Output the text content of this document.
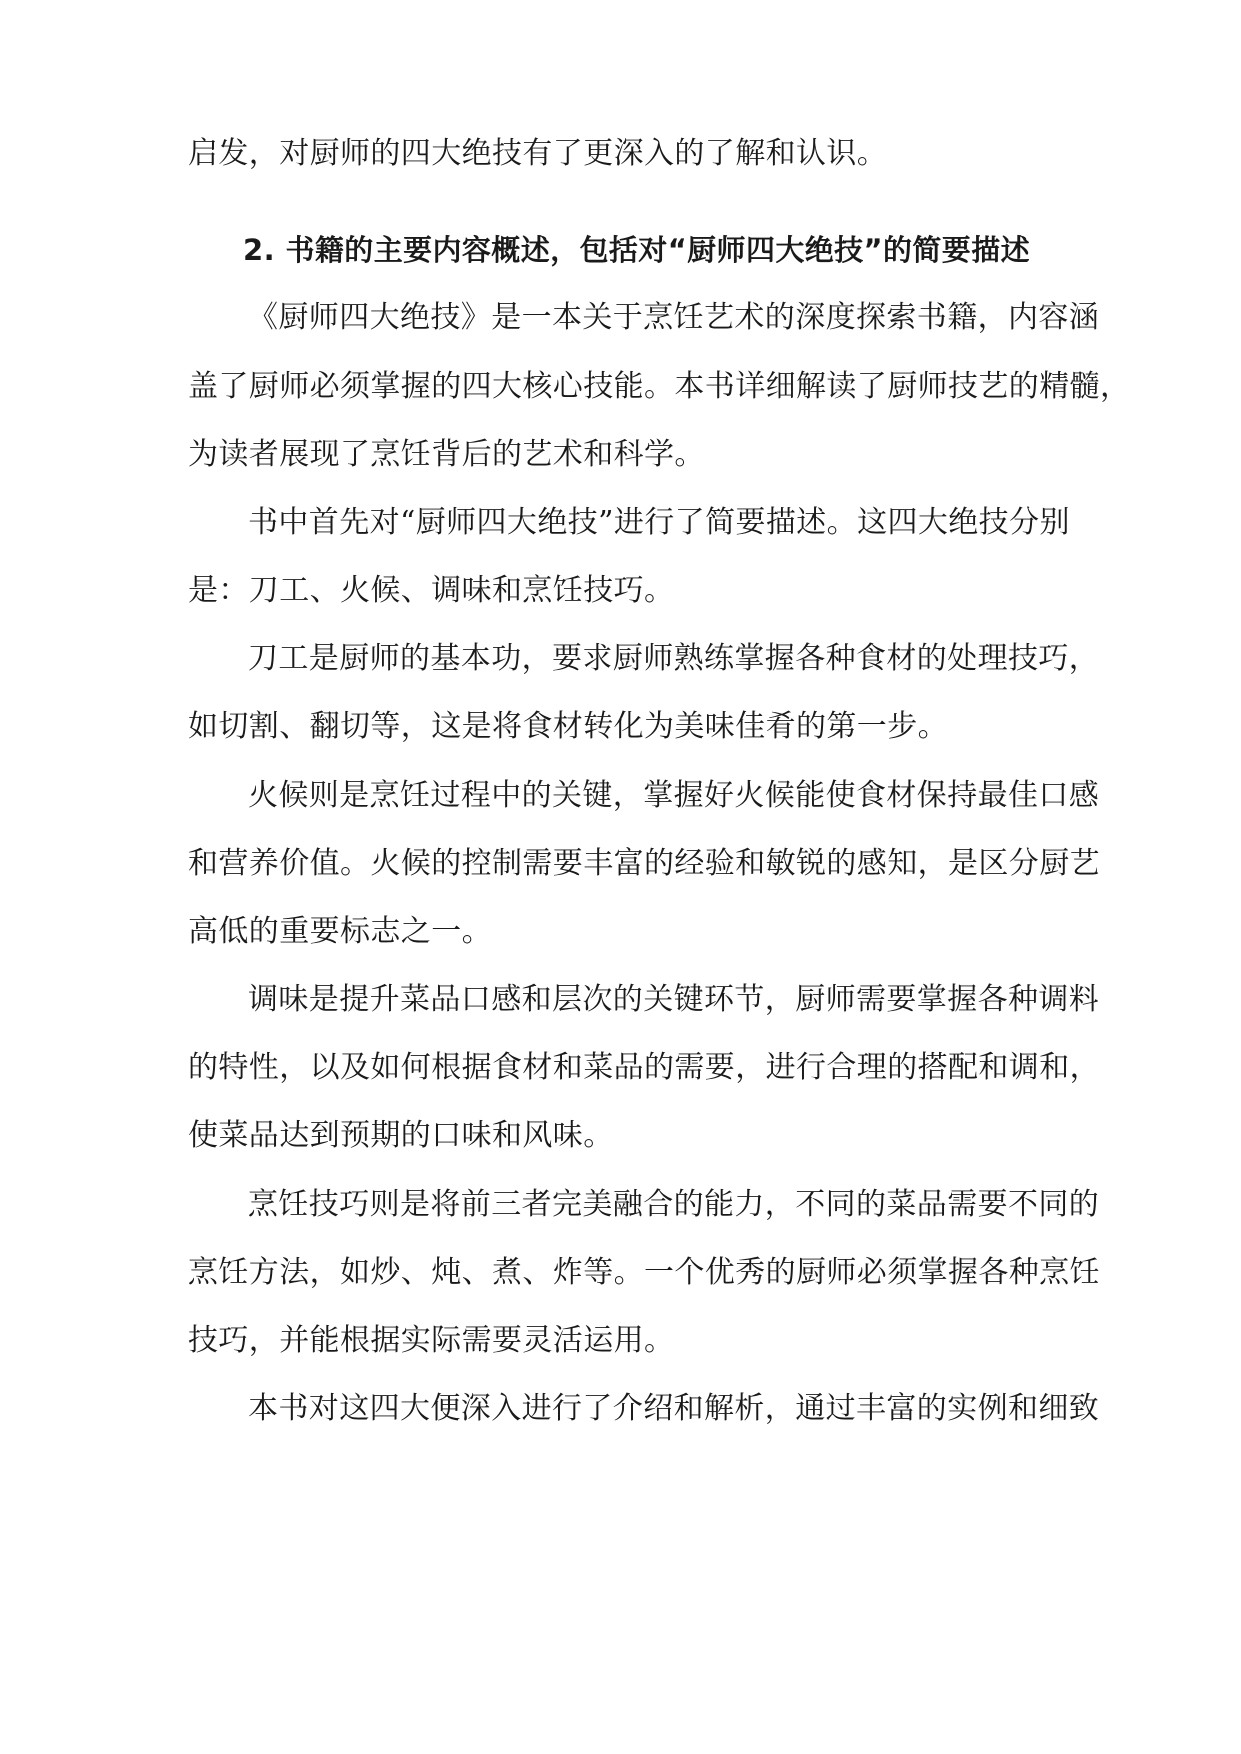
启发，对厨师的四大绝技有了更深入的了解和认识。
2. 书籍的主要内容概述，包括对“厨师四大绝技”的简要描述
《厨师四大绝技》是一本关于烹饪艺术的深度探索书籍，内容涵
盖了厨师必须掌握的四大核心技能。本书详细解读了厨师技艺的精髓，
为读者展现了烹饪背后的艺术和科学。
书中首先对“厨师四大绝技”进行了简要描述。这四大绝技分别
是：刀工、火候、调味和烹饪技巧。
刀工是厨师的基本功，要求厨师熟练掌握各种食材的处理技巧，
如切割、翻切等，这是将食材转化为美味佳肴的第一步。
火候则是烹饪过程中的关键，掌握好火候能使食材保持最佳口感
和营养价值。火候的控制需要丰富的经验和敏锐的感知，是区分厨艺
高低的重要标志之一。
调味是提升菜品口感和层次的关键环节，厨师需要掌握各种调料
的特性，以及如何根据食材和菜品的需要，进行合理的搭配和调和，
使菜品达到预期的口味和风味。
烹饪技巧则是将前三者完美融合的能力，不同的菜品需要不同的
烹饪方法，如炒、炖、煮、炸等。一个优秀的厨师必须掌握各种烹饪
技巧，并能根据实际需要灵活运用。
本书对这四大便深入进行了介绍和解析，通过丰富的实例和细致
